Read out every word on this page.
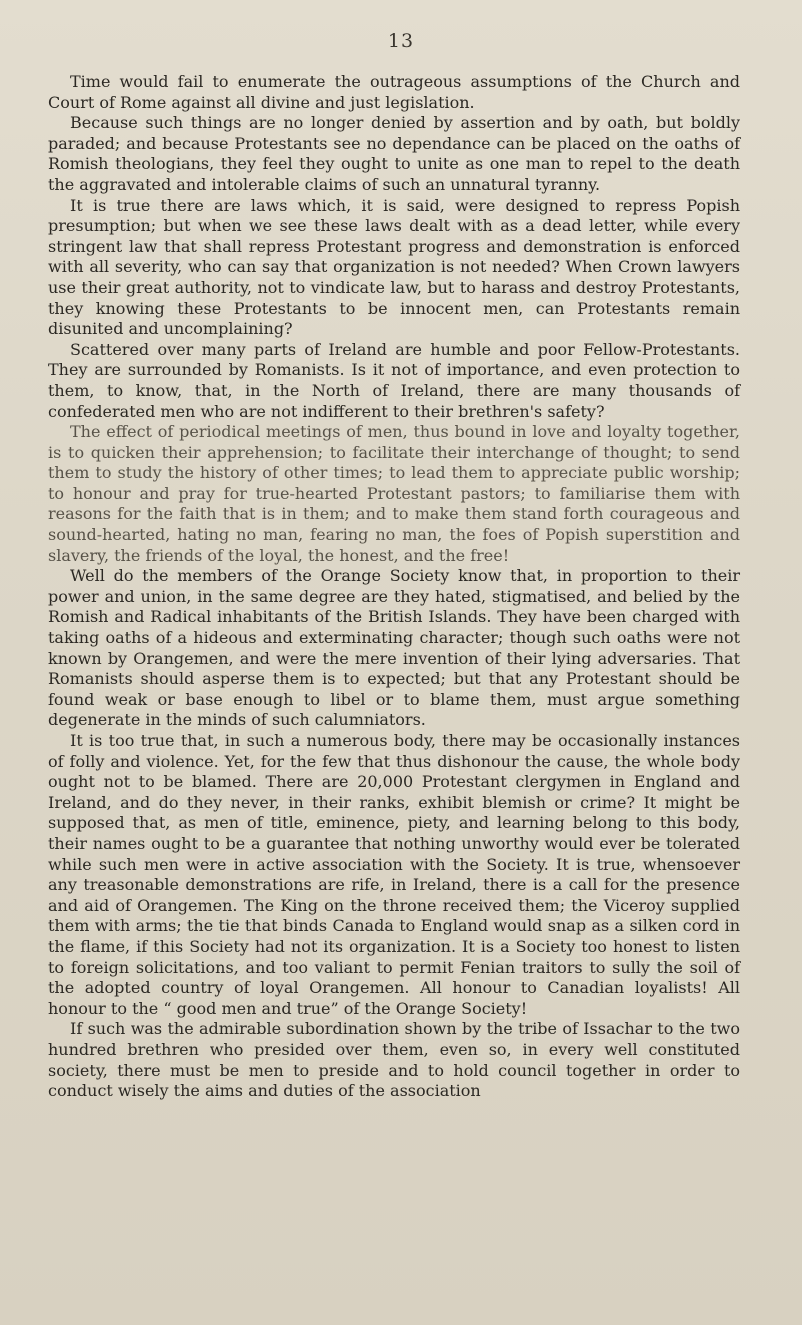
13

Time would fail to enumerate the outrageous assumptions of the Church and Court of Rome against all divine and just legislation.

Because such things are no longer denied by assertion and by oath, but boldly paraded; and because Protestants see no dependance can be placed on the oaths of Romish theologians, they feel they ought to unite as one man to repel to the death the aggravated and intolerable claims of such an unnatural tyranny.

It is true there are laws which, it is said, were designed to repress Popish presumption; but when we see these laws dealt with as a dead letter, while every stringent law that shall repress Protestant progress and demonstration is enforced with all severity, who can say that organization is not needed? When Crown lawyers use their great authority, not to vindicate law, but to harass and destroy Protestants, they knowing these Protestants to be innocent men, can Protestants remain disunited and uncomplaining?

Scattered over many parts of Ireland are humble and poor Fellow-Protestants. They are surrounded by Romanists. Is it not of importance, and even protection to them, to know, that, in the North of Ireland, there are many thousands of confederated men who are not indifferent to their brethren's safety?

The effect of periodical meetings of men, thus bound in love and loyalty together, is to quicken their apprehension; to facilitate their interchange of thought; to send them to study the history of other times; to lead them to appreciate public worship; to honour and pray for true-hearted Protestant pastors; to familiarise them with reasons for the faith that is in them; and to make them stand forth courageous and sound-hearted, hating no man, fearing no man, the foes of Popish superstition and slavery, the friends of the loyal, the honest, and the free!

Well do the members of the Orange Society know that, in proportion to their power and union, in the same degree are they hated, stigmatised, and belied by the Romish and Radical inhabitants of the British Islands. They have been charged with taking oaths of a hideous and exterminating character; though such oaths were not known by Orangemen, and were the mere invention of their lying adversaries. That Romanists should asperse them is to expected; but that any Protestant should be found weak or base enough to libel or to blame them, must argue something degenerate in the minds of such calumniators.

It is too true that, in such a numerous body, there may be occasionally instances of folly and violence. Yet, for the few that thus dishonour the cause, the whole body ought not to be blamed. There are 20,000 Protestant clergymen in England and Ireland, and do they never, in their ranks, exhibit blemish or crime? It might be supposed that, as men of title, eminence, piety, and learning belong to this body, their names ought to be a guarantee that nothing unworthy would ever be tolerated while such men were in active association with the Society. It is true, whensoever any treasonable demonstrations are rife, in Ireland, there is a call for the presence and aid of Orangemen. The King on the throne received them; the Viceroy supplied them with arms; the tie that binds Canada to England would snap as a silken cord in the flame, if this Society had not its organization. It is a Society too honest to listen to foreign solicitations, and too valiant to permit Fenian traitors to sully the soil of the adopted country of loyal Orangemen. All honour to Canadian loyalists! All honour to the “ good men and true” of the Orange Society!

If such was the admirable subordination shown by the tribe of Issachar to the two hundred brethren who presided over them, even so, in every well constituted society, there must be men to preside and to hold council together in order to conduct wisely the aims and duties of the association
